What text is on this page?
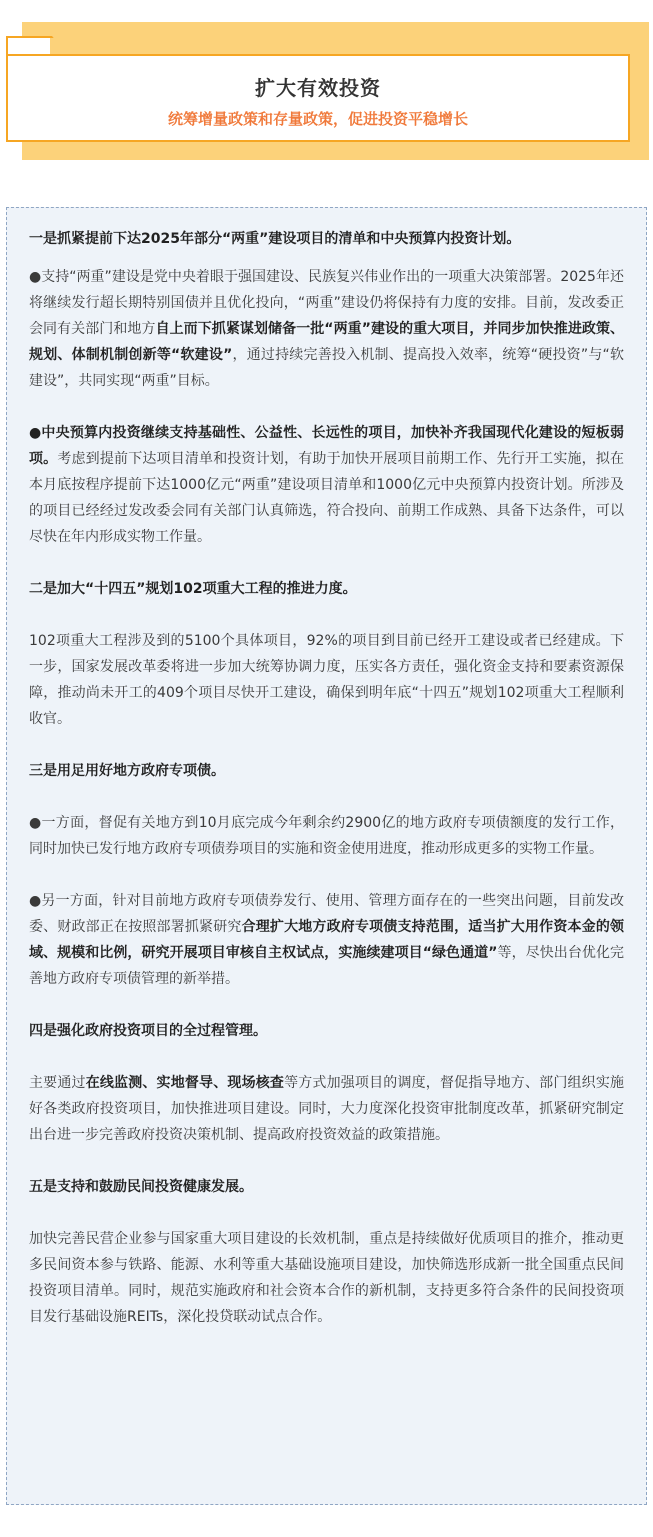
扩大有效投资
统筹增量政策和存量政策，促进投资平稳增长

一是抓紧提前下达2025年部分“两重”建设项目的清单和中央预算内投资计划。

●支持“两重”建设是党中央着眼于强国建设、民族复兴伟业作出的一项重大决策部署。2025年还将继续发行超长期特别国债并且优化投向，“两重”建设仍将保持有力度的安排。目前，发改委正会同有关部门和地方自上而下抓紧谋划储备一批“两重”建设的重大项目，并同步加快推进政策、规划、体制机制创新等“软建设”，通过持续完善投入机制、提高投入效率，统筹“硬投资”与“软建设”，共同实现“两重”目标。

●中央预算内投资继续支持基础性、公益性、长远性的项目，加快补齐我国现代化建设的短板弱项。考虑到提前下达项目清单和投资计划，有助于加快开展项目前期工作、先行开工实施，拟在本月底按程序提前下达1000亿元“两重”建设项目清单和1000亿元中央预算内投资计划。所涉及的项目已经经过发改委会同有关部门认真筛选，符合投向、前期工作成熟、具备下达条件，可以尽快在年内形成实物工作量。

二是加大“十四五”规划102项重大工程的推进力度。

102项重大工程涉及到的5100个具体项目，92%的项目到目前已经开工建设或者已经建成。下一步，国家发展改革委将进一步加大统筹协调力度，压实各方责任，强化资金支持和要素资源保障，推动尚未开工的409个项目尽快开工建设，确保到明年底“十四五”规划102项重大工程顺利收官。

三是用足用好地方政府专项债。

●一方面，督促有关地方到10月底完成今年剩余约2900亿的地方政府专项债额度的发行工作，同时加快已发行地方政府专项债券项目的实施和资金使用进度，推动形成更多的实物工作量。

●另一方面，针对目前地方政府专项债券发行、使用、管理方面存在的一些突出问题，目前发改委、财政部正在按照部署抓紧研究合理扩大地方政府专项债支持范围，适当扩大用作资本金的领域、规模和比例，研究开展项目审核自主权试点，实施续建项目“绿色通道”等，尽快出台优化完善地方政府专项债管理的新举措。

四是强化政府投资项目的全过程管理。

主要通过在线监测、实地督导、现场核查等方式加强项目的调度，督促指导地方、部门组织实施好各类政府投资项目，加快推进项目建设。同时，大力度深化投资审批制度改革，抓紧研究制定出台进一步完善政府投资决策机制、提高政府投资效益的政策措施。

五是支持和鼓励民间投资健康发展。

加快完善民营企业参与国家重大项目建设的长效机制，重点是持续做好优质项目的推介，推动更多民间资本参与铁路、能源、水利等重大基础设施项目建设，加快筛选形成新一批全国重点民间投资项目清单。同时，规范实施政府和社会资本合作的新机制，支持更多符合条件的民间投资项目发行基础设施REITs，深化投贷联动试点合作。
